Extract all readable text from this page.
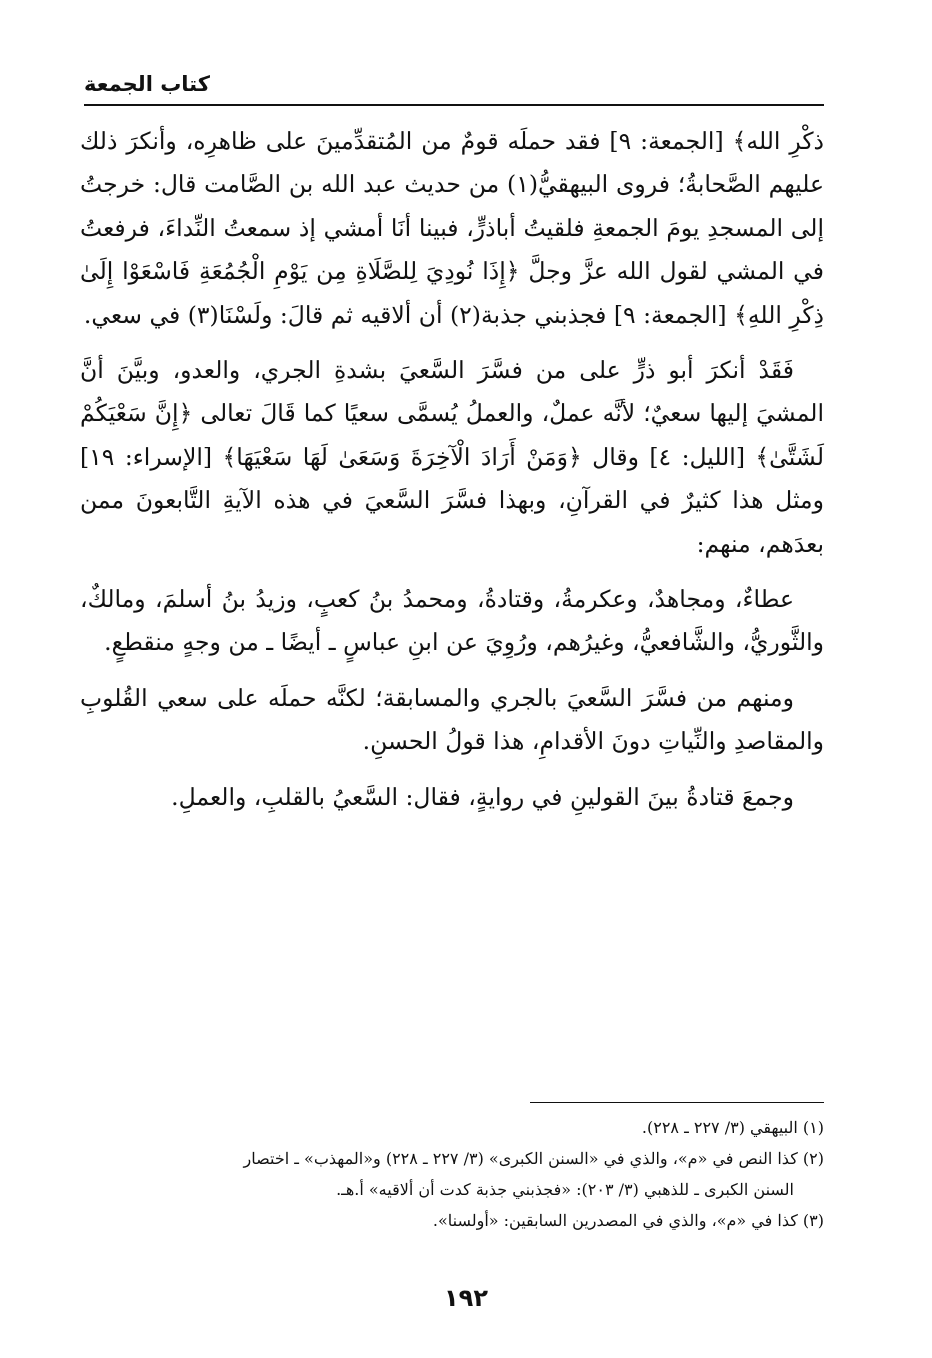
كتاب الجمعة

ذكْرِ الله﴾ [الجمعة: ٩] فقد حملَه قومٌ من المُتقدِّمينَ على ظاهرِه، وأنكرَ ذلك عليهم الصَّحابةُ؛ فروى البيهقيُّ(١) من حديث عبد الله بن الصَّامت قال: خرجتُ إلى المسجدِ يومَ الجمعةِ فلقيتُ أباذرٍّ، فبينا أنَا أمشي إذ سمعتُ النِّداءَ، فرفعتُ في المشي لقول الله عزَّ وجلَّ ﴿إِذَا نُودِيَ لِلصَّلَاةِ مِن يَوْمِ الْجُمُعَةِ فَاسْعَوْا إِلَىٰ ذِكْرِ اللهِ﴾ [الجمعة: ٩] فجذبني جذبة(٢) أن ألاقيه ثم قالَ: ولَسْنَا(٣) في سعي.

فَقَدْ أنكرَ أبو ذرٍّ على من فسَّرَ السَّعيَ بشدةِ الجري، والعدو، وبيَّنَ أنَّ المشيَ إليها سعيٌ؛ لأنَّه عملٌ، والعملُ يُسمَّى سعيًا كما قَالَ تعالى ﴿إِنَّ سَعْيَكُمْ لَشَتَّىٰ﴾ [الليل: ٤] وقال ﴿وَمَنْ أَرَادَ الْآخِرَةَ وَسَعَىٰ لَهَا سَعْيَهَا﴾ [الإسراء: ١٩] ومثل هذا كثيرٌ في القرآنِ، وبهذا فسَّرَ السَّعيَ في هذه الآيةِ التَّابعونَ ممن بعدَهم، منهم:

عطاءٌ، ومجاهدٌ، وعكرمةُ، وقتادةُ، ومحمدُ بنُ كعبٍ، وزيدُ بنُ أسلمَ، ومالكٌ، والثَّوريُّ، والشَّافعيُّ، وغيرُهم، ورُوِيَ عن ابنِ عباسٍ ـ أيضًا ـ من وجهٍ منقطعٍ.

ومنهم من فسَّرَ السَّعيَ بالجري والمسابقة؛ لكنَّه حملَه على سعي القُلوبِ والمقاصدِ والنِّياتِ دونَ الأقدامِ، هذا قولُ الحسنِ.

وجمعَ قتادةُ بينَ القولينِ في روايةٍ، فقال: السَّعيُ بالقلبِ، والعملِ.

(١) البيهقي (٣/ ٢٢٧ ـ ٢٢٨).

(٢) كذا النص في «م»، والذي في «السنن الكبرى» (٣/ ٢٢٧ ـ ٢٢٨) و«المهذب» ـ اختصار

السنن الكبرى ـ للذهبي (٣/ ٢٠٣): «فجذبني جذبة كدت أن ألاقيه» أ.هـ.

(٣) كذا في «م»، والذي في المصدرين السابقين: «أولسنا».

١٩٢
